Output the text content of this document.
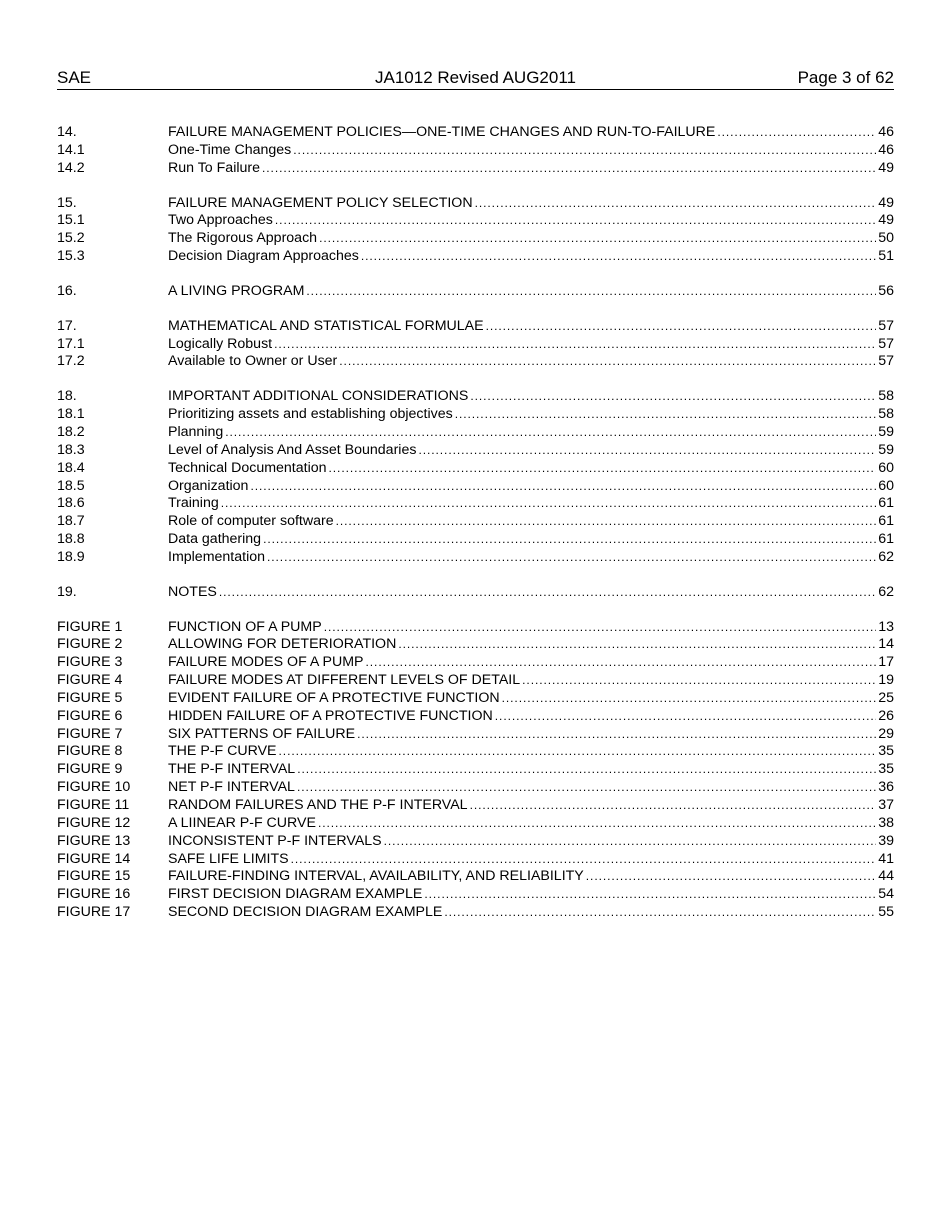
SAE	JA1012 Revised AUG2011	Page 3 of 62
14.	FAILURE MANAGEMENT POLICIES—ONE-TIME CHANGES AND RUN-TO-FAILURE . . .	46
14.1	One-Time Changes . . .	46
14.2	Run To Failure . . .	49
15.	FAILURE MANAGEMENT POLICY SELECTION . . .	49
15.1	Two Approaches . . .	49
15.2	The Rigorous Approach . . .	50
15.3	Decision Diagram Approaches . . .	51
16.	A LIVING PROGRAM . . .	56
17.	MATHEMATICAL AND STATISTICAL FORMULAE . . .	57
17.1	Logically Robust . . .	57
17.2	Available to Owner or User . . .	57
18.	IMPORTANT ADDITIONAL CONSIDERATIONS . . .	58
18.1	Prioritizing assets and establishing objectives . . .	58
18.2	Planning . . .	59
18.3	Level of Analysis And Asset Boundaries . . .	59
18.4	Technical Documentation . . .	60
18.5	Organization . . .	60
18.6	Training . . .	61
18.7	Role of computer software . . .	61
18.8	Data gathering . . .	61
18.9	Implementation . . .	62
19.	NOTES . . .	62
FIGURE 1	FUNCTION OF A PUMP . . .	13
FIGURE 2	ALLOWING FOR DETERIORATION . . .	14
FIGURE 3	FAILURE MODES OF A PUMP . . .	17
FIGURE 4	FAILURE MODES AT DIFFERENT LEVELS OF DETAIL . . .	19
FIGURE 5	EVIDENT FAILURE OF A PROTECTIVE FUNCTION . . .	25
FIGURE 6	HIDDEN FAILURE OF A PROTECTIVE FUNCTION . . .	26
FIGURE 7	SIX PATTERNS OF FAILURE . . .	29
FIGURE 8	THE P-F CURVE . . .	35
FIGURE 9	THE P-F INTERVAL . . .	35
FIGURE 10	NET P-F INTERVAL . . .	36
FIGURE 11	RANDOM FAILURES AND THE P-F INTERVAL . . .	37
FIGURE 12	A LIINEAR P-F CURVE . . .	38
FIGURE 13	INCONSISTENT P-F INTERVALS . . .	39
FIGURE 14	SAFE LIFE LIMITS . . .	41
FIGURE 15	FAILURE-FINDING INTERVAL, AVAILABILITY, AND RELIABILITY . . .	44
FIGURE 16	FIRST DECISION DIAGRAM EXAMPLE . . .	54
FIGURE 17	SECOND DECISION DIAGRAM EXAMPLE . . .	55
